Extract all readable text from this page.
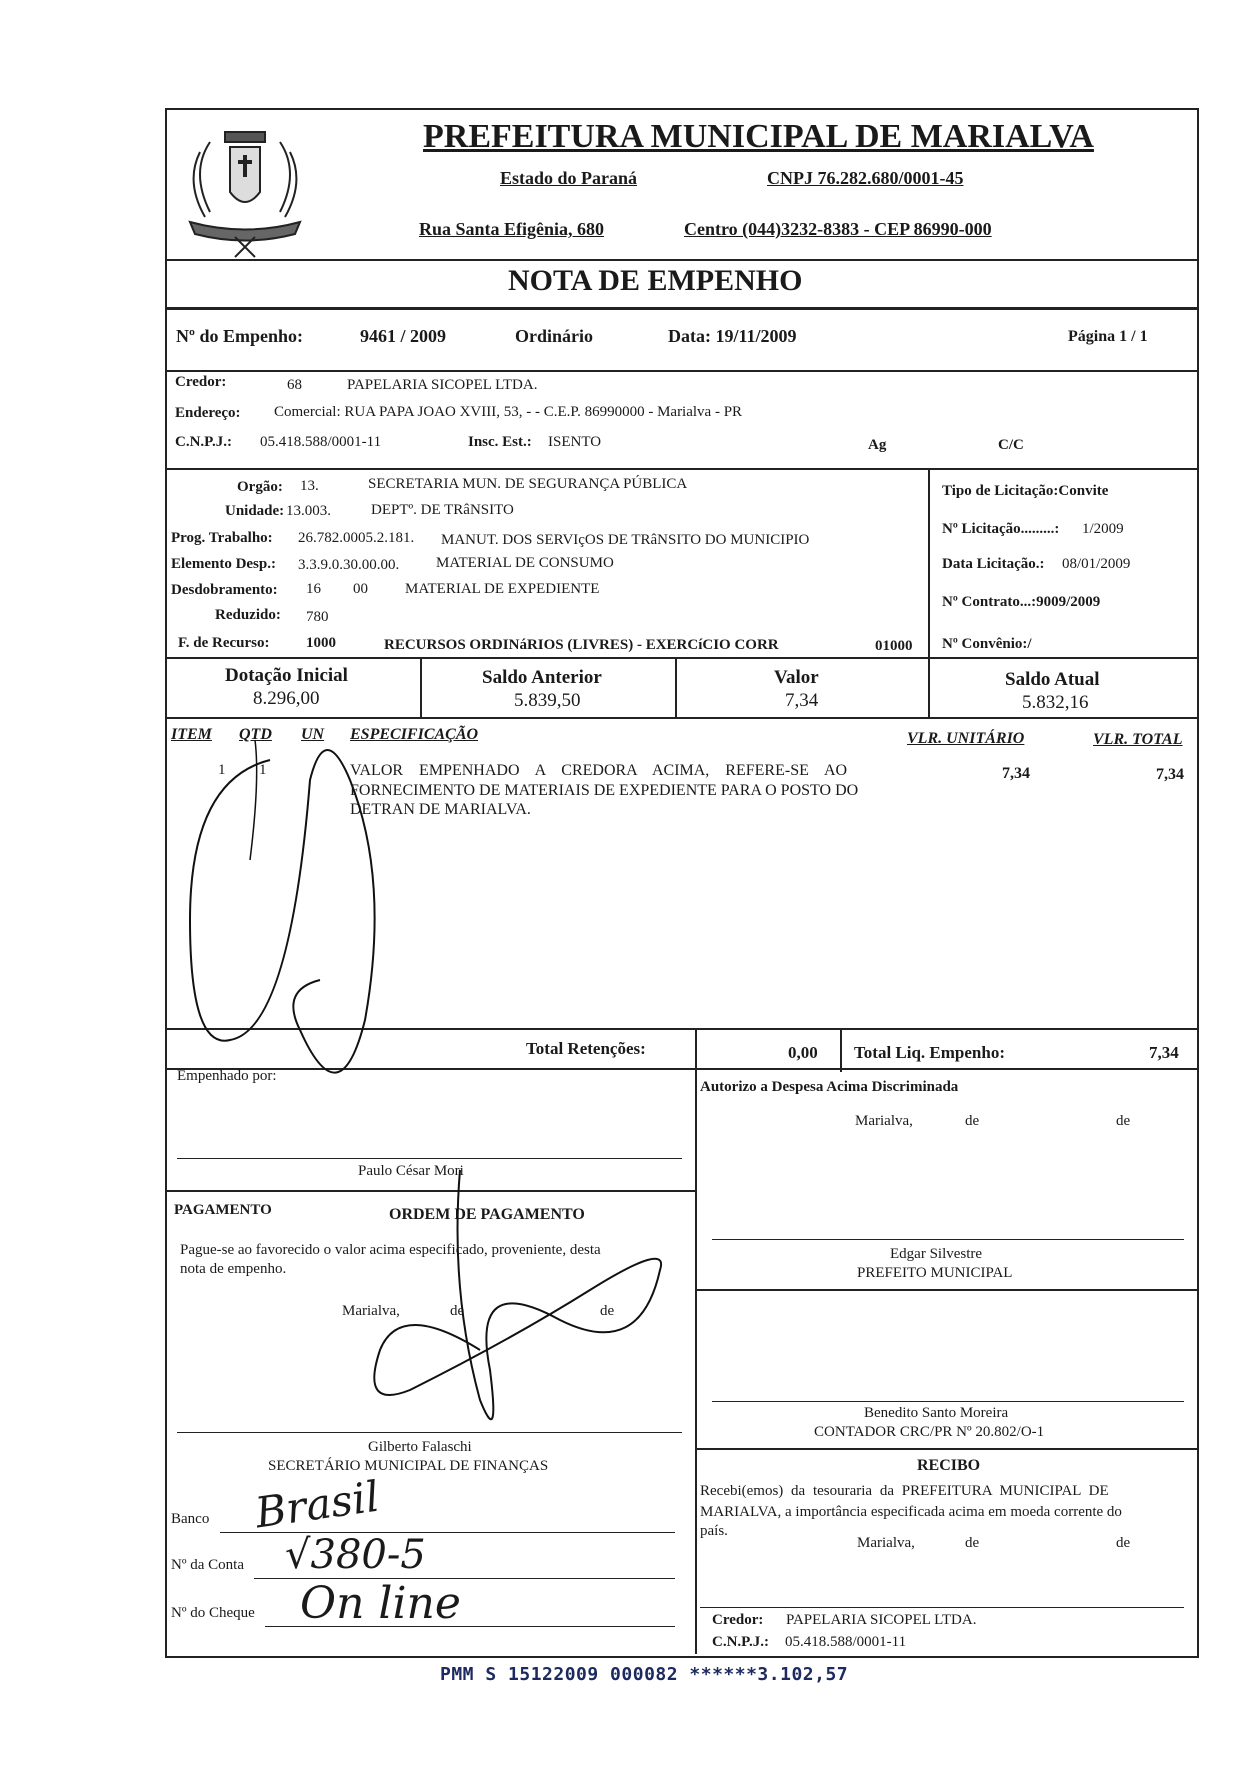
PREFEITURA MUNICIPAL DE MARIALVA
Estado do Paraná	CNPJ 76.282.680/0001-45
Rua Santa Efigênia, 680	Centro (044)3232-8383 - CEP 86990-000
NOTA DE EMPENHO
Nº do Empenho:	9461 / 2009	Ordinário	Data: 19/11/2009	Página 1 / 1
Credor:	68	PAPELARIA SICOPEL LTDA.
Endereço: Comercial: RUA PAPA JOAO XVIII, 53, - - C.E.P. 86990000 - Marialva - PR
C.N.P.J.: 05.418.588/0001-11	Insc. Est.: ISENTO	Ag	C/C
Orgão: 13.	SECRETARIA MUN. DE SEGURANÇA PÚBLICA
Unidade: 13.003.	DEPTº. DE TRâNSITO
Prog. Trabalho: 26.782.0005.2.181. MANUT. DOS SERVIçOS DE TRâNSITO DO MUNICIPIO
Elemento Desp.: 3.3.9.0.30.00.00. MATERIAL DE CONSUMO
Desdobramento: 16 00 MATERIAL DE EXPEDIENTE
Reduzido: 780
F. de Recurso: 1000	RECURSOS ORDINáRIOS (LIVRES) - EXERCíCIO CORR	01000
Tipo de Licitação:Convite
Nº Licitação.........: 1/2009
Data Licitação.: 08/01/2009
Nº Contrato...:9009/2009
Nº Convênio:/
Dotação Inicial
8.296,00
Saldo Anterior
5.839,50
Valor
7,34
Saldo Atual
5.832,16
ITEM QTD UN ESPECIFICAÇÃO	VLR. UNITÁRIO	VLR. TOTAL
1 1	VALOR EMPENHADO A CREDORA ACIMA, REFERE-SE AO
FORNECIMENTO DE MATERIAIS DE EXPEDIENTE PARA O POSTO DO
DETRAN DE MARIALVA.
7,34	7,34
Total Retenções:	0,00 Total Liq. Empenho:	7,34
Empenhado por:
Paulo César Mori
PAGAMENTO	ORDEM DE PAGAMENTO
Pague-se ao favorecido o valor acima especificado, proveniente, desta
nota de empenho.
Marialva,	de	de
Gilberto Falaschi
SECRETÁRIO MUNICIPAL DE FINANÇAS
Banco Brasil
Nº da Conta √380-5
Nº do Cheque On line
Autorizo a Despesa Acima Discriminada
Marialva,	de	de
Edgar Silvestre
PREFEITO MUNICIPAL
Benedito Santo Moreira
CONTADOR CRC/PR Nº 20.802/O-1
RECIBO
Recebi(emos) da tesouraria da PREFEITURA MUNICIPAL DE
MARIALVA, a importância especificada acima em moeda corrente do
país.
Marialva,	de	de
Credor: PAPELARIA SICOPEL LTDA.
C.N.P.J.: 05.418.588/0001-11
PMM S 15122009 000082 ******3.102,57
